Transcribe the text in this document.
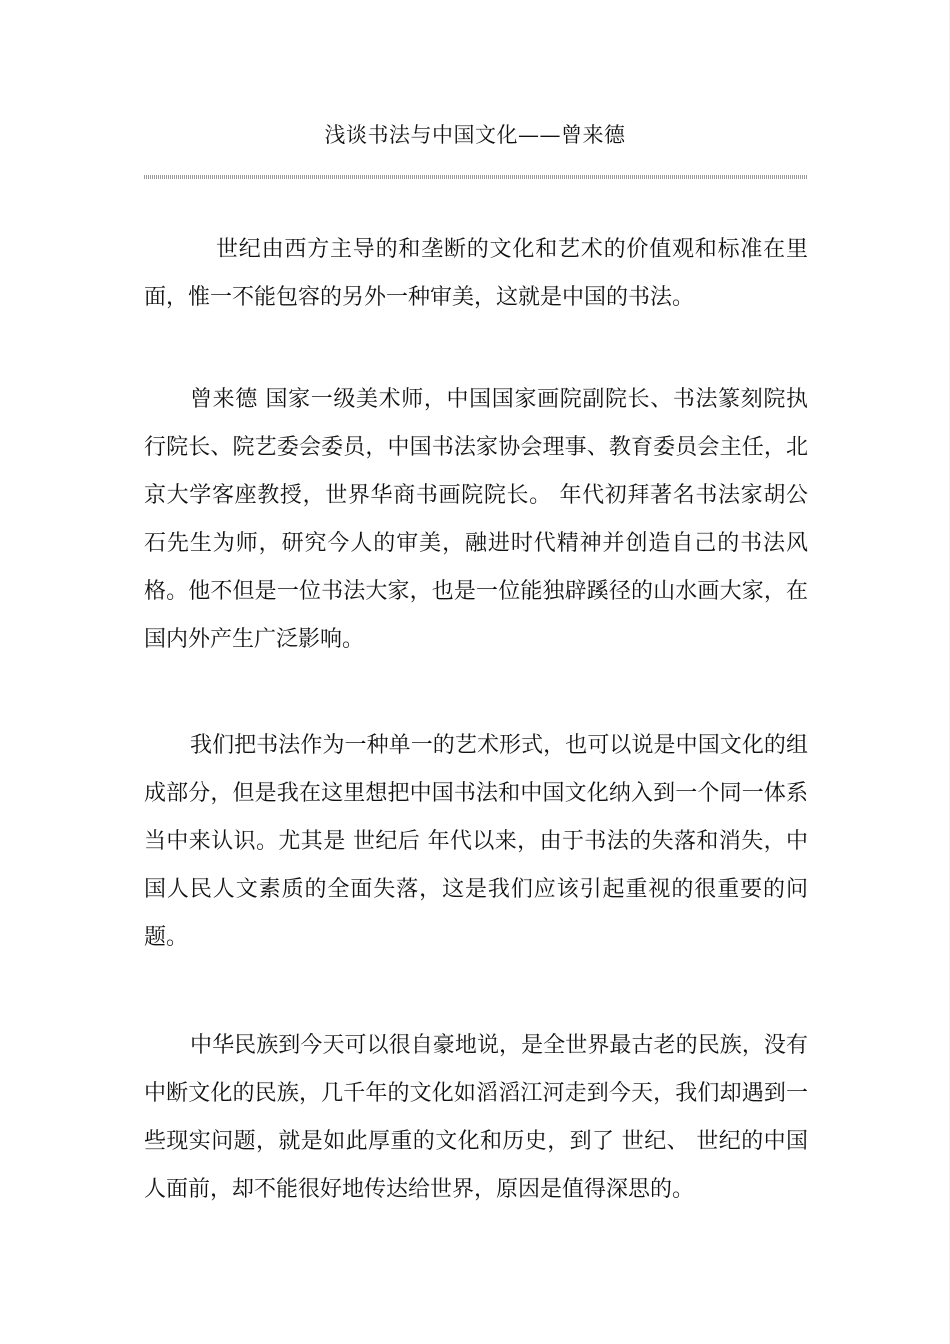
浅谈书法与中国文化——曾来德

世纪由西方主导的和垄断的文化和艺术的价值观和标准在里面，惟一不能包容的另外一种审美，这就是中国的书法。

曾来德 国家一级美术师，中国国家画院副院长、书法篆刻院执行院长、院艺委会委员，中国书法家协会理事、教育委员会主任，北京大学客座教授，世界华商书画院院长。 年代初拜著名书法家胡公石先生为师，研究今人的审美，融进时代精神并创造自己的书法风格。他不但是一位书法大家，也是一位能独辟蹊径的山水画大家，在国内外产生广泛影响。

我们把书法作为一种单一的艺术形式，也可以说是中国文化的组成部分，但是我在这里想把中国书法和中国文化纳入到一个同一体系当中来认识。尤其是 世纪后 年代以来，由于书法的失落和消失，中国人民人文素质的全面失落，这是我们应该引起重视的很重要的问题。

中华民族到今天可以很自豪地说，是全世界最古老的民族，没有中断文化的民族，几千年的文化如滔滔江河走到今天，我们却遇到一些现实问题，就是如此厚重的文化和历史，到了 世纪、 世纪的中国人面前，却不能很好地传达给世界，原因是值得深思的。
